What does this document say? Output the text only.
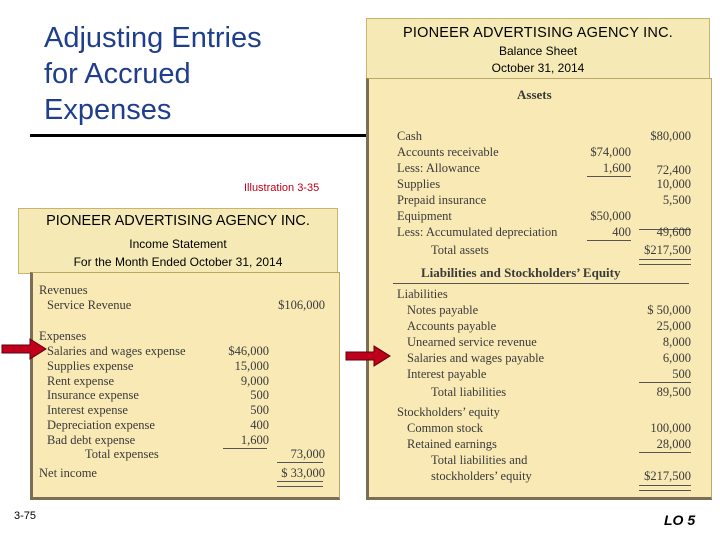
Adjusting Entries
for Accrued
Expenses
Illustration 3-35
PIONEER ADVERTISING AGENCY INC.
Balance Sheet
October 31, 2014
Assets
Cash	$80,000
Accounts receivable	$74,000
Less: Allowance	1,600 72,400
Supplies	10,000
Prepaid insurance	5,500
Equipment	$50,000
Less: Accumulated depreciation	400 49,600
Total assets	$217,500
Liabilities and Stockholders’ Equity
Liabilities
Notes payable	$ 50,000
Accounts payable	25,000
Unearned service revenue	8,000
Salaries and wages payable	6,000
Interest payable	500
Total liabilities	89,500
Stockholders’ equity
Common stock	100,000
Retained earnings	28,000
Total liabilities and
stockholders’ equity	$217,500
PIONEER ADVERTISING AGENCY INC.
Income Statement
For the Month Ended October 31, 2014
Revenues
Service Revenue	$106,000
Expenses
Salaries and wages expense	$46,000
Supplies expense	15,000
Rent expense	9,000
Insurance expense	500
Interest expense	500
Depreciation expense	400
Bad debt expense	1,600
Total expenses	73,000
Net income	$ 33,000
3-75	LO 5
